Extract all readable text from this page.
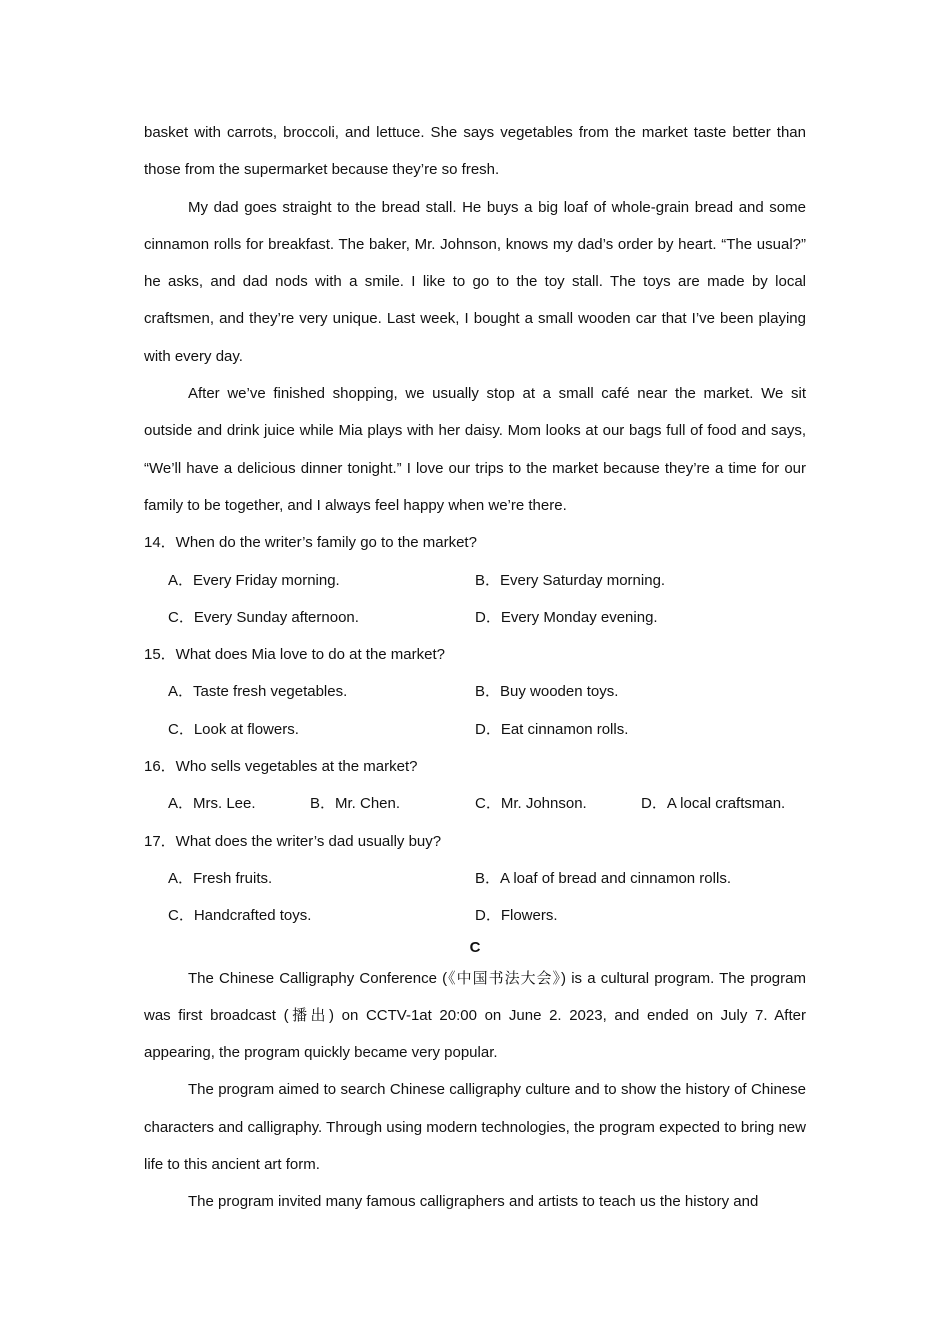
basket with carrots, broccoli, and lettuce. She says vegetables from the market taste better than those from the supermarket because they’re so fresh.
My dad goes straight to the bread stall. He buys a big loaf of whole-grain bread and some cinnamon rolls for breakfast. The baker, Mr. Johnson, knows my dad’s order by heart. “The usual?” he asks, and dad nods with a smile. I like to go to the toy stall. The toys are made by local craftsmen, and they’re very unique. Last week, I bought a small wooden car that I’ve been playing with every day.
After we’ve finished shopping, we usually stop at a small café near the market. We sit outside and drink juice while Mia plays with her daisy. Mom looks at our bags full of food and says, “We’ll have a delicious dinner tonight.” I love our trips to the market because they’re a time for our family to be together, and I always feel happy when we’re there.
14．When do the writer’s family go to the market?
A．Every Friday morning.	B．Every Saturday morning.
C．Every Sunday afternoon.	D．Every Monday evening.
15．What does Mia love to do at the market?
A．Taste fresh vegetables.	B．Buy wooden toys.
C．Look at flowers.	D．Eat cinnamon rolls.
16．Who sells vegetables at the market?
A．Mrs. Lee.	B．Mr. Chen.	C．Mr. Johnson.	D．A local craftsman.
17．What does the writer’s dad usually buy?
A．Fresh fruits.	B．A loaf of bread and cinnamon rolls.
C．Handcrafted toys.	D．Flowers.
C
The Chinese Calligraphy Conference (《中国书法大会》) is a cultural program. The program was first broadcast (播出) on CCTV-1at 20:00 on June 2. 2023, and ended on July 7. After appearing, the program quickly became very popular.
The program aimed to search Chinese calligraphy culture and to show the history of Chinese characters and calligraphy. Through using modern technologies, the program expected to bring new life to this ancient art form.
The program invited many famous calligraphers and artists to teach us the history and
